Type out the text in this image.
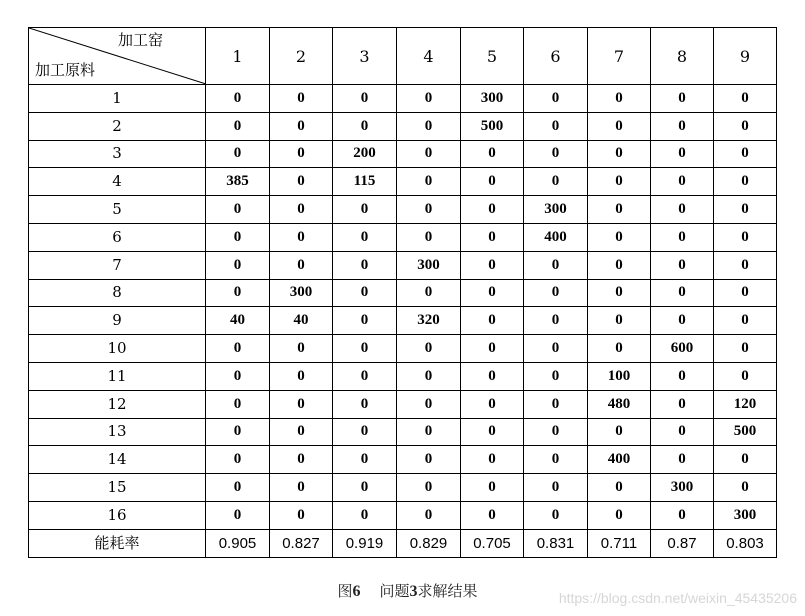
加工窑
加工原料	1	2	3	4	5	6	7	8	9
1	0	0	0	0	300	0	0	0	0
2	0	0	0	0	500	0	0	0	0
3	0	0	200	0	0	0	0	0	0
4	385	0	115	0	0	0	0	0	0
5	0	0	0	0	0	300	0	0	0
6	0	0	0	0	0	400	0	0	0
7	0	0	0	300	0	0	0	0	0
8	0	300	0	0	0	0	0	0	0
9	40	40	0	320	0	0	0	0	0
10	0	0	0	0	0	0	0	600	0
11	0	0	0	0	0	0	100	0	0
12	0	0	0	0	0	0	480	0	120
13	0	0	0	0	0	0	0	0	500
14	0	0	0	0	0	0	400	0	0
15	0	0	0	0	0	0	0	300	0
16	0	0	0	0	0	0	0	0	300
能耗率	0.905	0.827	0.919	0.829	0.705	0.831	0.711	0.87	0.803
图6 问题3求解结果	https://blog.csdn.net/weixin_45435206
